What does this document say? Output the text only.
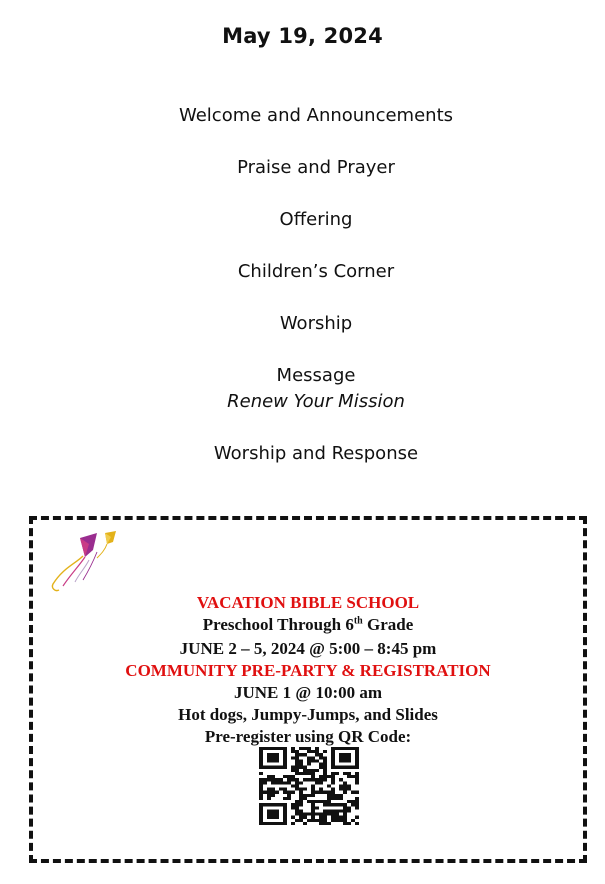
May 19, 2024
Welcome and Announcements
Praise and Prayer
Offering
Children’s Corner
Worship
Message
Renew Your Mission
Worship and Response
VACATION BIBLE SCHOOL
Preschool Through 6th Grade
JUNE 2 – 5, 2024 @ 5:00 – 8:45 pm
COMMUNITY PRE-PARTY & REGISTRATION
JUNE 1 @ 10:00 am
Hot dogs, Jumpy-Jumps, and Slides
Pre-register using QR Code:
